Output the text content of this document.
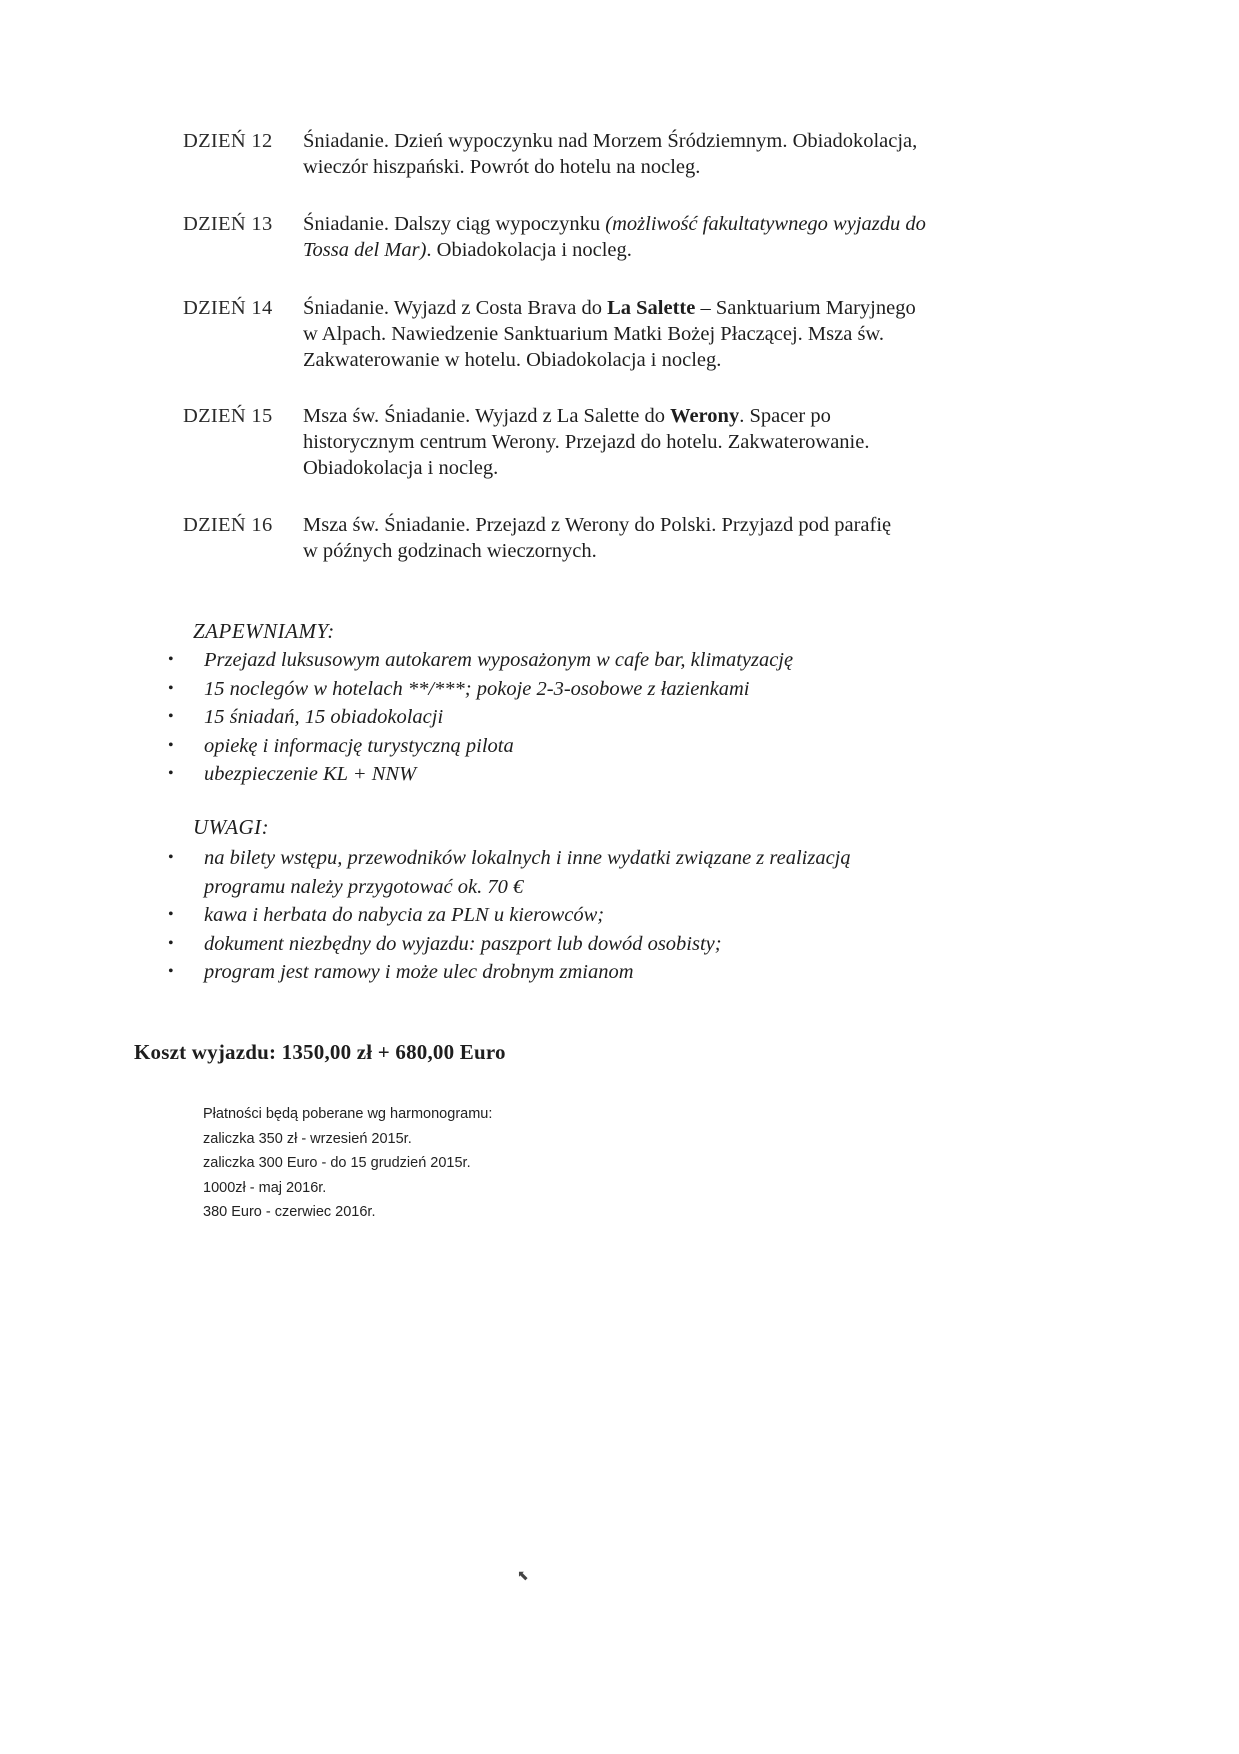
DZIEŃ 12	Śniadanie. Dzień wypoczynku nad Morzem Śródziemnym. Obiadokolacja,
wieczór hiszpański. Powrót do hotelu na nocleg.
DZIEŃ 13	Śniadanie. Dalszy ciąg wypoczynku (możliwość fakultatywnego wyjazdu do
Tossa del Mar). Obiadokolacja i nocleg.
DZIEŃ 14	Śniadanie. Wyjazd z Costa Brava do La Salette – Sanktuarium Maryjnego
w Alpach. Nawiedzenie Sanktuarium Matki Bożej Płaczącej. Msza św.
Zakwaterowanie w hotelu. Obiadokolacja i nocleg.
DZIEŃ 15	Msza św. Śniadanie. Wyjazd z La Salette do Werony. Spacer po
historycznym centrum Werony. Przejazd do hotelu. Zakwaterowanie.
Obiadokolacja i nocleg.
DZIEŃ 16	Msza św. Śniadanie. Przejazd z Werony do Polski. Przyjazd pod parafię
w późnych godzinach wieczornych.
ZAPEWNIAMY:
• Przejazd luksusowym autokarem wyposażonym w cafe bar, klimatyzację
• 15 noclegów w hotelach **/***; pokoje 2-3-osobowe z łazienkami
• 15 śniadań, 15 obiadokolacji
• opiekę i informację turystyczną pilota
• ubezpieczenie KL + NNW
UWAGI:
• na bilety wstępu, przewodników lokalnych i inne wydatki związane z realizacją
programu należy przygotować ok. 70 €
• kawa i herbata do nabycia za PLN u kierowców;
• dokument niezbędny do wyjazdu: paszport lub dowód osobisty;
• program jest ramowy i może ulec drobnym zmianom
Koszt wyjazdu: 1350,00 zł + 680,00 Euro
Płatności będą poberane wg harmonogramu:
zaliczka 350 zł - wrzesień 2015r.
zaliczka 300 Euro - do 15 grudzień 2015r.
1000zł - maj 2016r.
380 Euro - czerwiec 2016r.
⬉
